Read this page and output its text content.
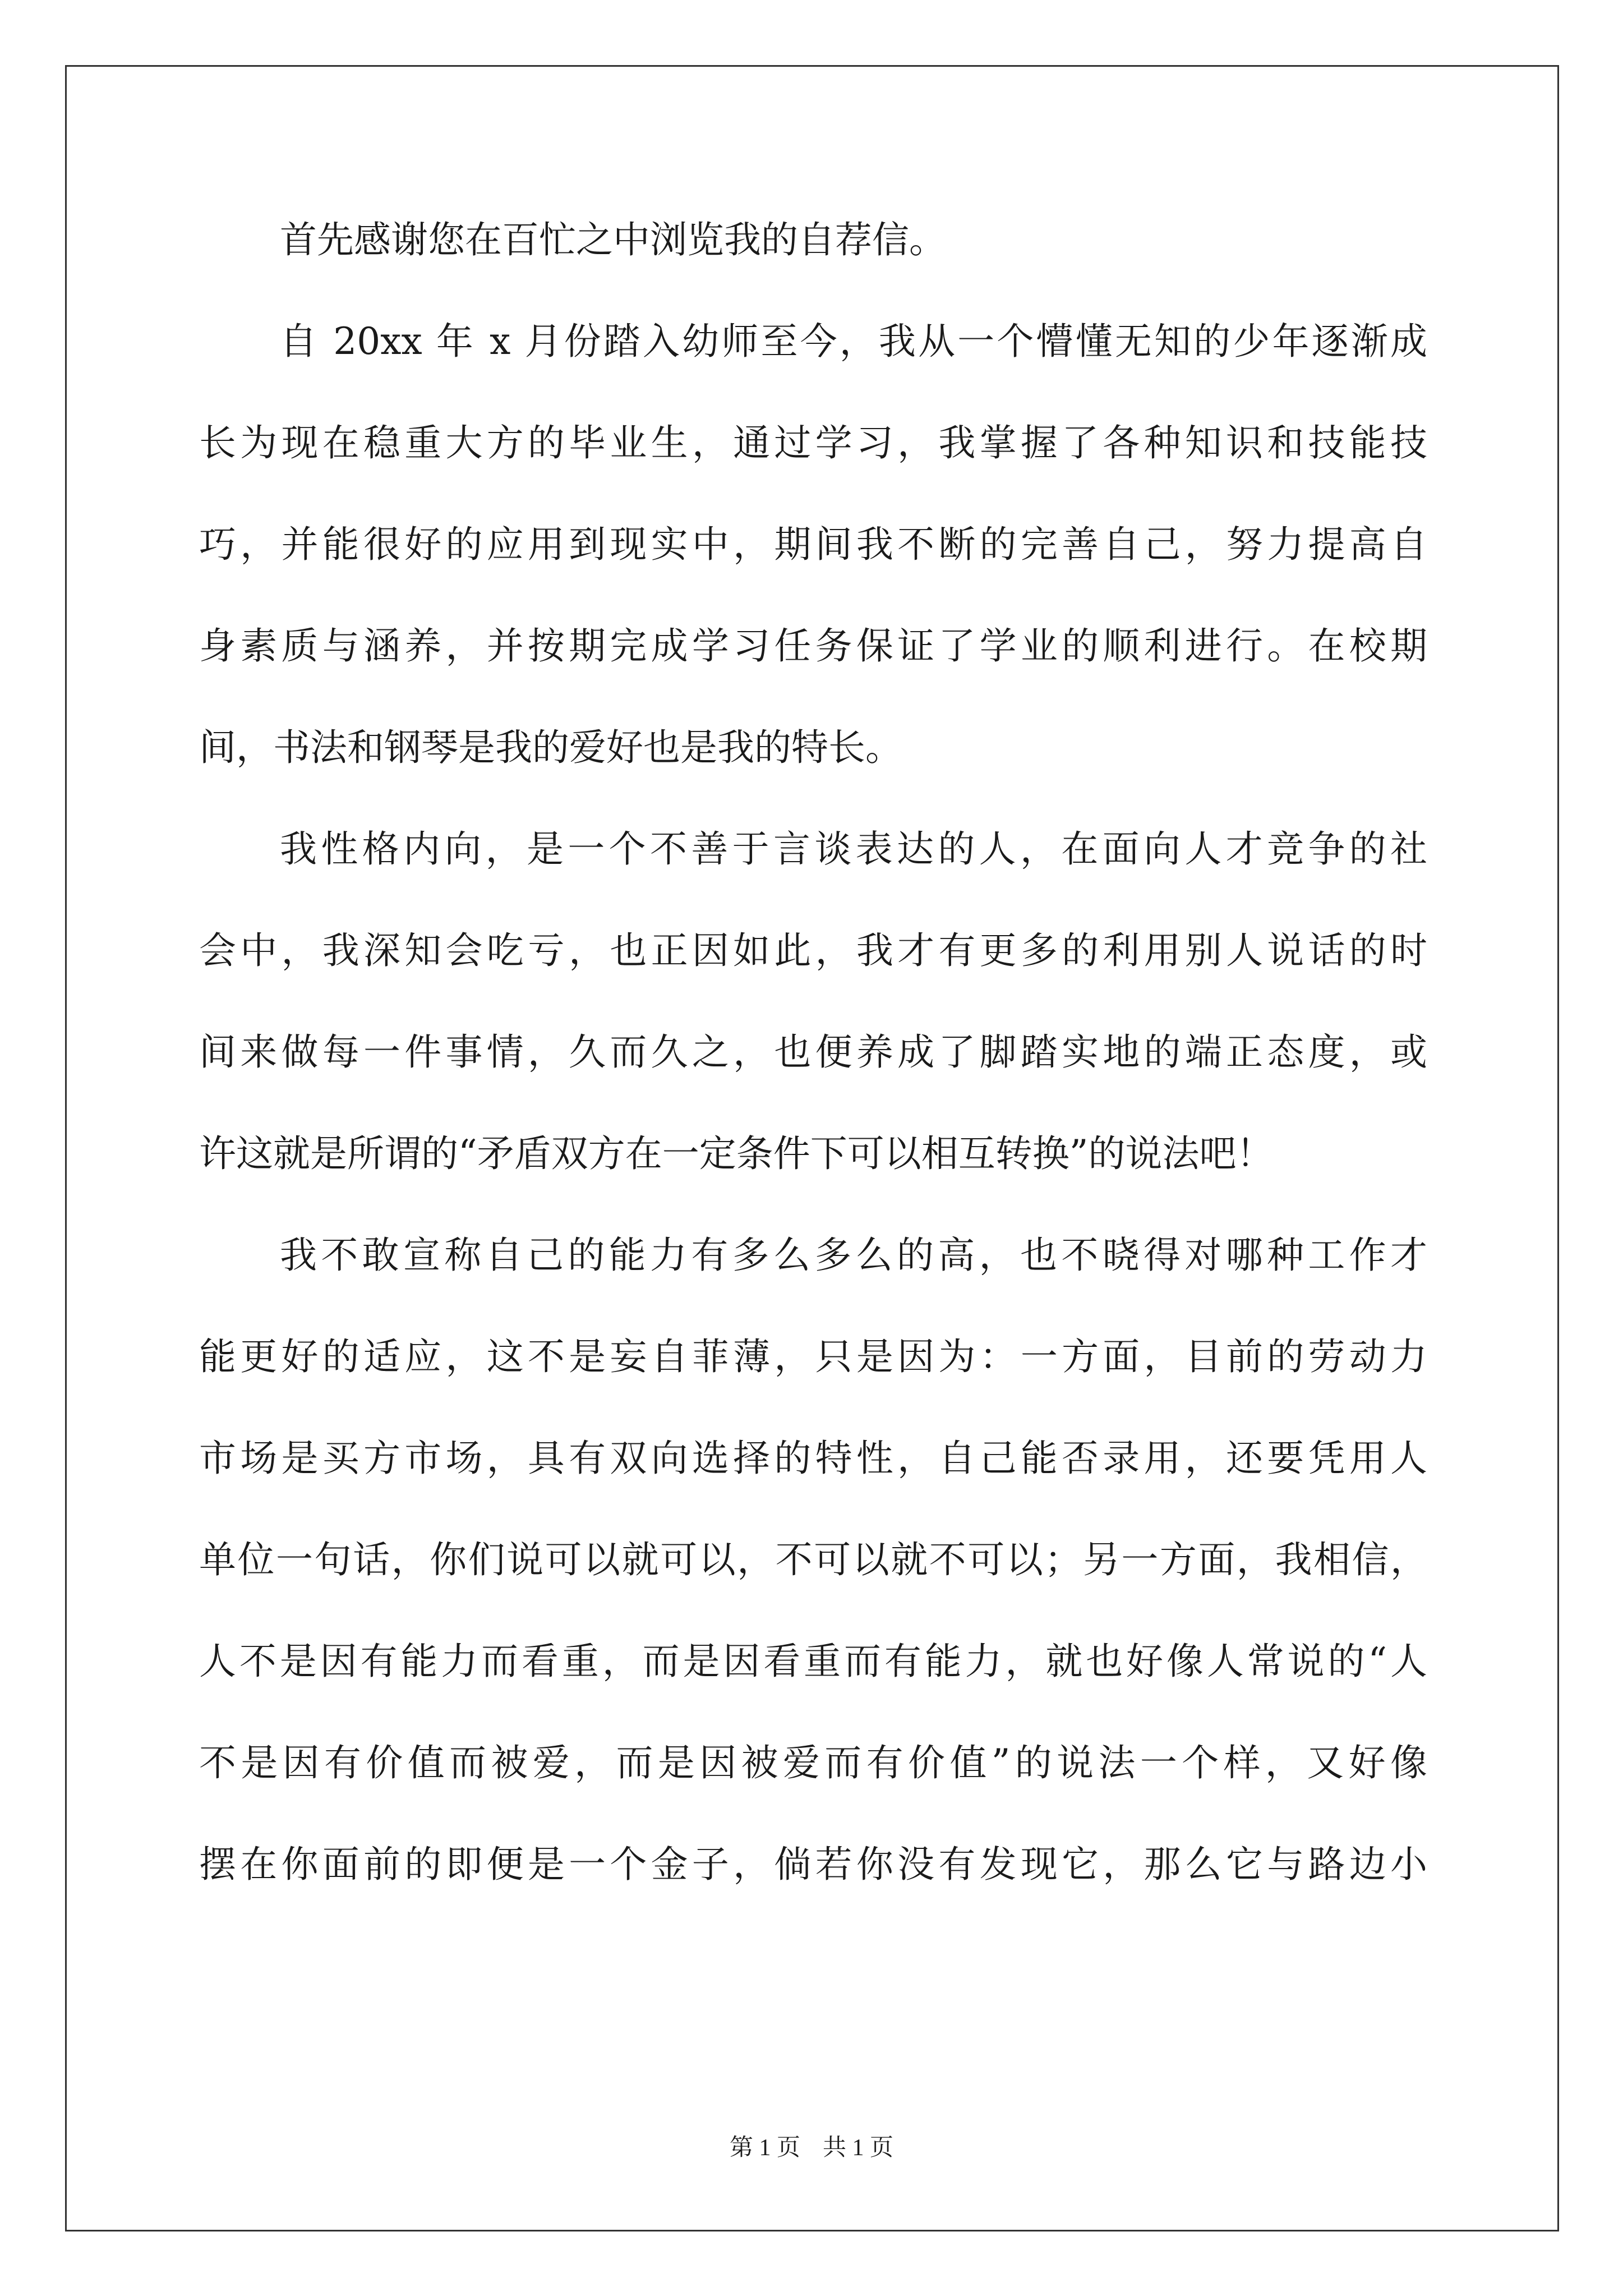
首先感谢您在百忙之中浏览我的自荐信。
自 20xx 年 x 月份踏入幼师至今，我从一个懵懂无知的少年逐渐成
长为现在稳重大方的毕业生，通过学习，我掌握了各种知识和技能技
巧，并能很好的应用到现实中，期间我不断的完善自己，努力提高自
身素质与涵养，并按期完成学习任务保证了学业的顺利进行。在校期
间，书法和钢琴是我的爱好也是我的特长。
我性格内向，是一个不善于言谈表达的人，在面向人才竞争的社
会中，我深知会吃亏，也正因如此，我才有更多的利用别人说话的时
间来做每一件事情，久而久之，也便养成了脚踏实地的端正态度，或
许这就是所谓的“矛盾双方在一定条件下可以相互转换”的说法吧！
我不敢宣称自己的能力有多么多么的高，也不晓得对哪种工作才
能更好的适应，这不是妄自菲薄，只是因为：一方面，目前的劳动力
市场是买方市场，具有双向选择的特性，自己能否录用，还要凭用人
单位一句话，你们说可以就可以，不可以就不可以；另一方面，我相信，
人不是因有能力而看重，而是因看重而有能力，就也好像人常说的“人
不是因有价值而被爱，而是因被爱而有价值”的说法一个样，又好像
摆在你面前的即便是一个金子，倘若你没有发现它，那么它与路边小
第 1 页 共 1 页
